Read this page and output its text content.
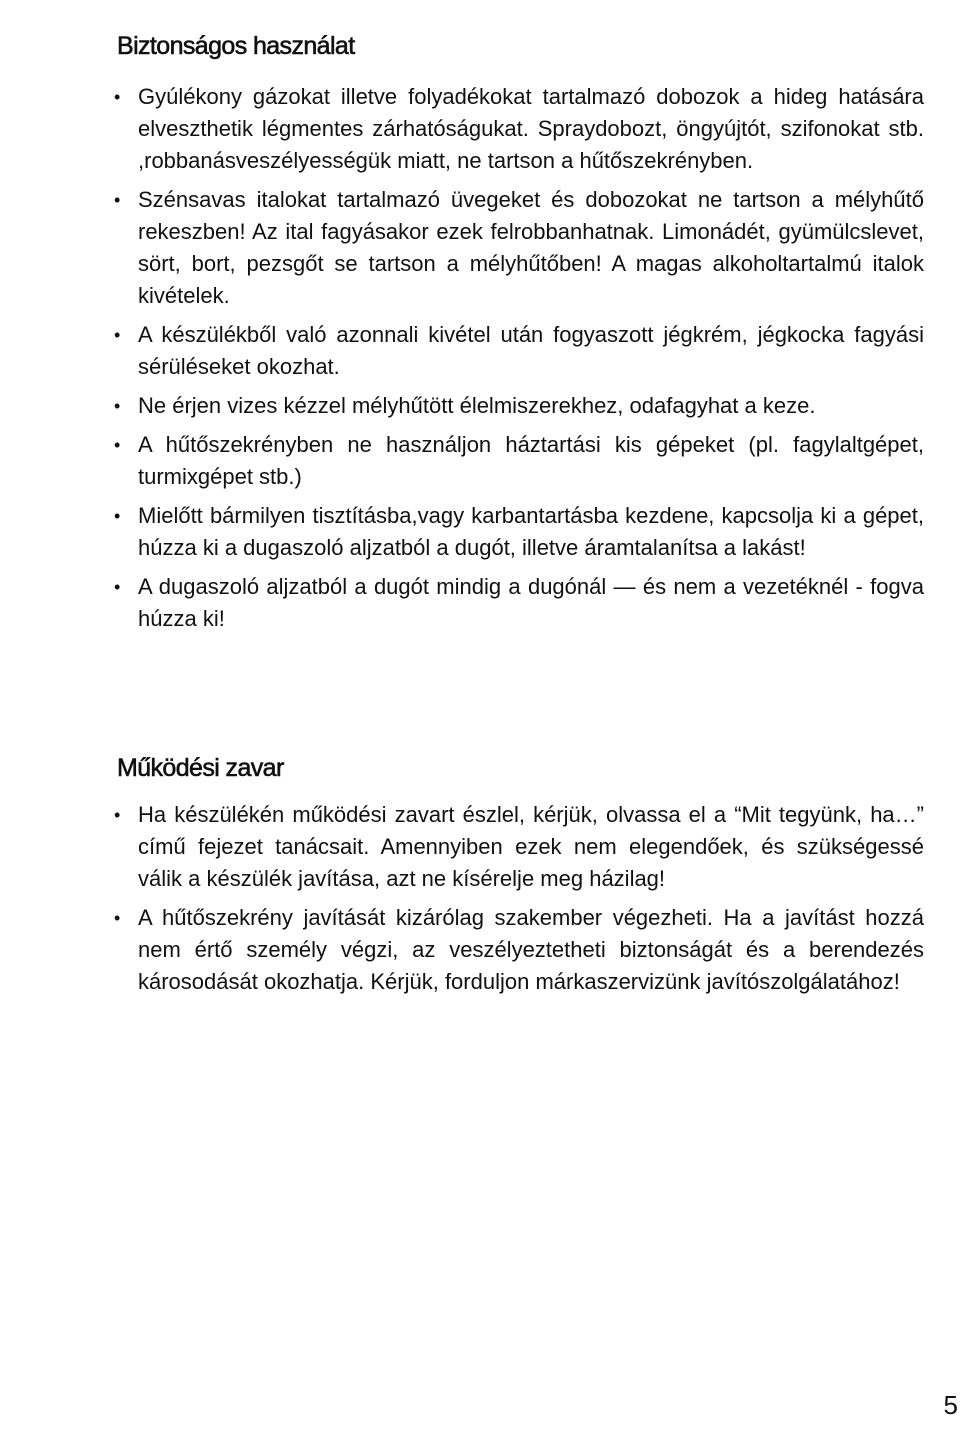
Biztonságos használat
• Gyúlékony gázokat illetve folyadékokat tartalmazó dobozok a hideg hatására elveszthetik légmentes zárhatóságukat. Spraydobozt, öngyújtót, szifonokat stb. ,robbanásveszélyességük miatt, ne tartson a hűtőszekrényben.
• Szénsavas italokat tartalmazó üvegeket és dobozokat ne tartson a mélyhűtő rekeszben! Az ital fagyásakor ezek felrobbanhatnak. Limonádét, gyümülcslevet, sört, bort, pezsgőt se tartson a mélyhűtőben! A magas alkoholtartalmú italok kivételek.
• A készülékből való azonnali kivétel után fogyaszott jégkrém, jégkocka fagyási sérüléseket okozhat.
• Ne érjen vizes kézzel mélyhűtött élelmiszerekhez, odafagyhat a keze.
• A hűtőszekrényben ne használjon háztartási kis gépeket (pl. fagylaltgépet, turmixgépet stb.)
• Mielőtt bármilyen tisztításba,vagy karbantartásba kezdene, kapcsolja ki a gépet, húzza ki a dugaszoló aljzatból a dugót, illetve áramtalanítsa a lakást!
• A dugaszoló aljzatból a dugót mindig a dugónál — és nem a vezetéknél - fogva húzza ki!
Működési zavar
• Ha készülékén működési zavart észlel, kérjük, olvassa el a “Mit tegyünk, ha…” című fejezet tanácsait. Amennyiben ezek nem elegendőek, és szükségessé válik a készülék javítása, azt ne kísérelje meg házilag!
• A hűtőszekrény javítását kizárólag szakember végezheti. Ha a javítást hozzá nem értő személy végzi, az veszélyeztetheti biztonságát és a berendezés károsodását okozhatja. Kérjük, forduljon márkaszervizünk javítószolgálatához!
5
